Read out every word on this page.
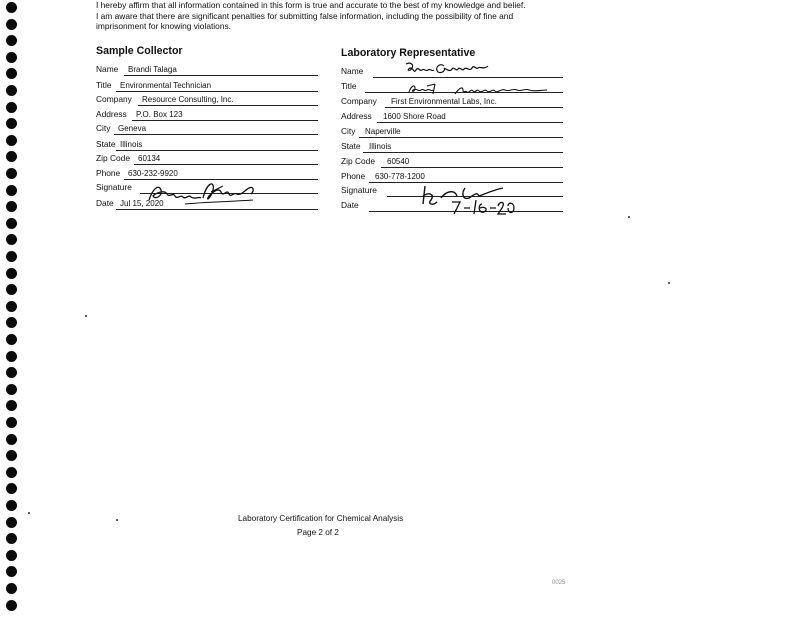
I hereby affirm that all information contained in this form is true and accurate to the best of my knowledge and belief.
I am aware that there are significant penalties for submitting false information, including the possibility of fine and
imprisonment for knowing violations.
Sample Collector
Name Brandi Talaga
Title Environmental Technician
Company Resource Consulting, Inc.
Address P.O. Box 123
City Geneva
State Illinois
Zip Code 60134
Phone 630-232-9920
Signature
Date Jul 15, 2020
Laboratory Representative
Name
Title
Company First Environmental Labs, Inc.
Address 1600 Shore Road
City Naperville
State Illinois
Zip Code 60540
Phone 630-778-1200
Signature
Date
Laboratory Certification for Chemical Analysis
Page 2 of 2
0025
